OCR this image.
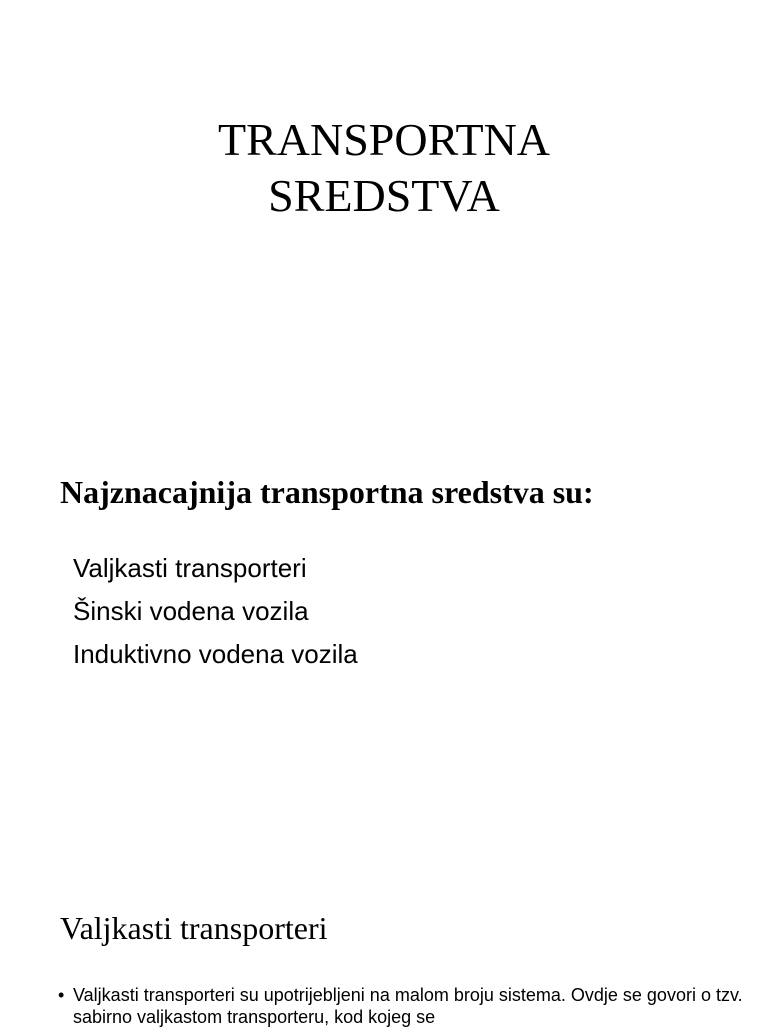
TRANSPORTNA
SREDSTVA
Najznacajnija transportna sredstva su:
Valjkasti transporteri
Šinski vodena vozila
Induktivno vodena vozila
Valjkasti transporteri
• Valjkasti transporteri su upotrijebljeni na malom broju sistema. Ovdje se govori o tzv. sabirno valjkastom transporteru, kod kojeg se
